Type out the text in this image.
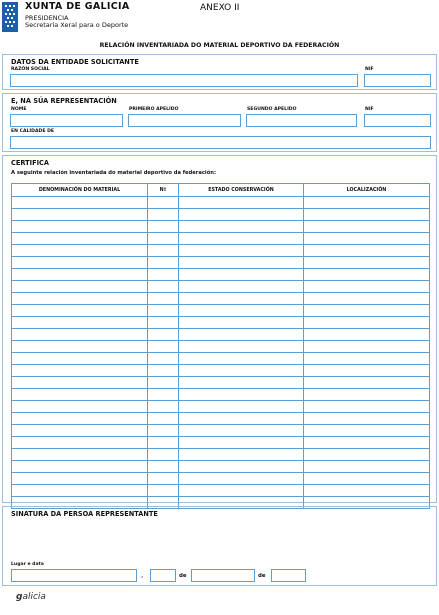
XUNTA DE GALICIA
PRESIDENCIA
Secretaría Xeral para o Deporte
ANEXO II
RELACIÓN INVENTARIADA DO MATERIAL DEPORTIVO DA FEDERACIÓN
DATOS DA ENTIDADE SOLICITANTE
RAZÓN SOCIAL	NIF
E, NA SÚA REPRESENTACIÓN
NOME	PRIMEIRO APELIDO	SEGUNDO APELIDO	NIF
EN CALIDADE DE
CERTIFICA
A seguinte relación inventariada do material deportivo da federación:
DENOMINACIÓN DO MATERIAL	Nº	ESTADO CONSERVACIÓN	LOCALIZACIÓN

SINATURA DA PERSOA REPRESENTANTE
Lugar e data
,	de	de
galicia
